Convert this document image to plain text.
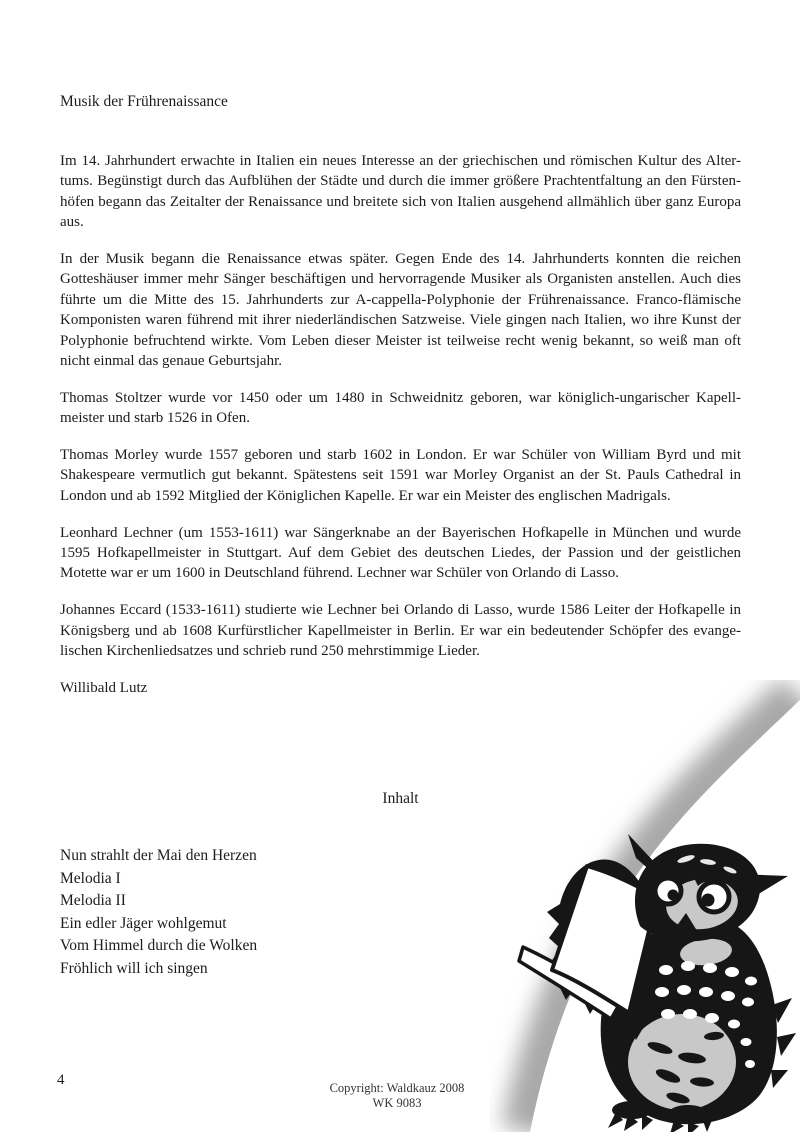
Musik der Frührenaissance
Im 14. Jahrhundert erwachte in Italien ein neues Interesse an der griechischen und römischen Kultur des Alter-
tums. Begünstigt durch das Aufblühen der Städte und durch die immer größere Prachtentfaltung an den Fürsten-
höfen begann das Zeitalter der Renaissance und breitete sich von Italien ausgehend allmählich über ganz Europa
aus.
In der Musik begann die Renaissance etwas später. Gegen Ende des 14. Jahrhunderts konnten die reichen
Gotteshäuser immer mehr Sänger beschäftigen und hervorragende Musiker als Organisten anstellen. Auch dies
führte um die Mitte des 15. Jahrhunderts zur A-cappella-Polyphonie der Frührenaissance. Franco-flämische
Komponisten waren führend mit ihrer niederländischen Satzweise. Viele gingen nach Italien, wo ihre Kunst der
Polyphonie befruchtend wirkte. Vom Leben dieser Meister ist teilweise recht wenig bekannt, so weiß man oft
nicht einmal das genaue Geburtsjahr.
Thomas Stoltzer wurde vor 1450 oder um 1480 in Schweidnitz geboren, war königlich-ungarischer Kapell-
meister und starb 1526 in Ofen.
Thomas Morley wurde 1557 geboren und starb 1602 in London. Er war Schüler von William Byrd und mit
Shakespeare vermutlich gut bekannt. Spätestens seit 1591 war Morley Organist an der St. Pauls Cathedral in
London und ab 1592 Mitglied der Königlichen Kapelle. Er war ein Meister des englischen Madrigals.
Leonhard Lechner (um 1553-1611) war Sängerknabe an der Bayerischen Hofkapelle in München und wurde
1595 Hofkapellmeister in Stuttgart. Auf dem Gebiet des deutschen Liedes, der Passion und der geistlichen
Motette war er um 1600 in Deutschland führend. Lechner war Schüler von Orlando di Lasso.
Johannes Eccard (1533-1611) studierte wie Lechner bei Orlando di Lasso, wurde 1586 Leiter der Hofkapelle in
Königsberg und ab 1608 Kurfürstlicher Kapellmeister in Berlin. Er war ein bedeutender Schöpfer des evange-
lischen Kirchenliedsatzes und schrieb rund 250 mehrstimmige Lieder.
Willibald Lutz
Inhalt
Nun strahlt der Mai den Herzen
Melodia I
Melodia II
Ein edler Jäger wohlgemut
Vom Himmel durch die Wolken
Fröhlich will ich singen
4	Copyright: Waldkauz 2008
WK 9083
